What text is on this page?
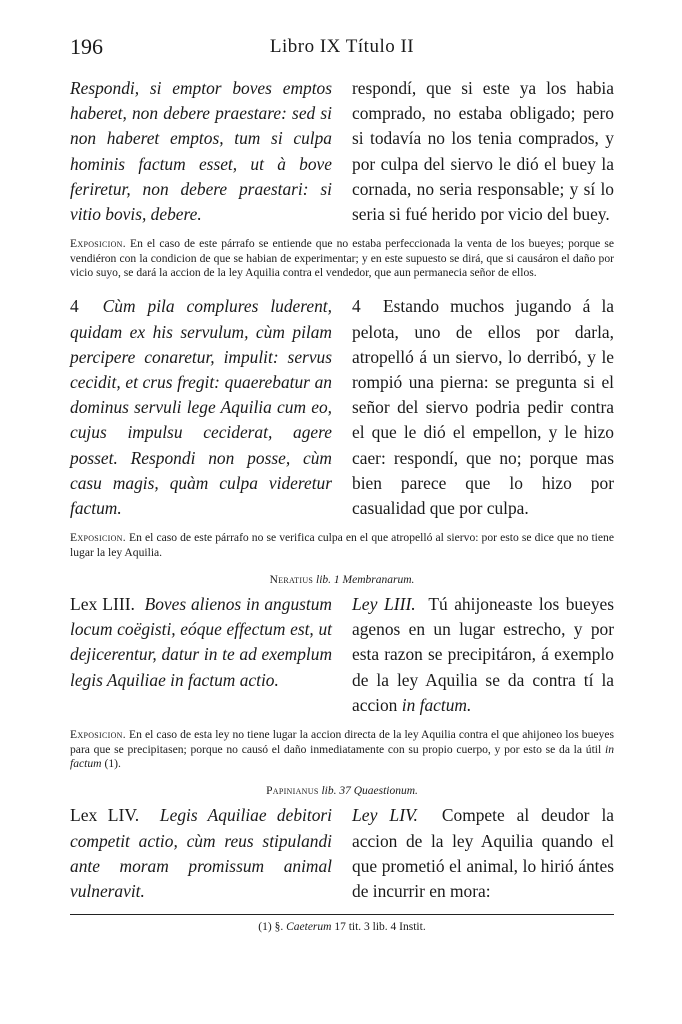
196	Libro IX Título II
Respondi, si emptor boves emptos haberet, non debere praestare: sed si non haberet emptos, tum si culpa hominis factum esset, ut à bove feriretur, non debere praestari: si vitio bovis, debere.
respondí, que si este ya los habia comprado, no estaba obligado; pero si todavía no los tenia comprados, y por culpa del siervo le dió el buey la cornada, no seria responsable; y sí lo seria si fué herido por vicio del buey.
Exposicion. En el caso de este párrafo se entiende que no estaba perfeccionada la venta de los bueyes; porque se vendiéron con la condicion de que se habian de experimentar; y en este supuesto se dirá, que si causáron el daño por vicio suyo, se dará la accion de la ley Aquilia contra el vendedor, que aun permanecia señor de ellos.
4 Cùm pila complures luderent, quidam ex his servulum, cùm pilam percipere conaretur, impulit: servus cecidit, et crus fregit: quaerebatur an dominus servuli lege Aquilia cum eo, cujus impulsu ceciderat, agere posset. Respondi non posse, cùm casu magis, quàm culpa videretur factum.
4 Estando muchos jugando á la pelota, uno de ellos por darla, atropelló á un siervo, lo derribó, y le rompió una pierna: se pregunta si el señor del siervo podria pedir contra el que le dió el empellon, y le hizo caer: respondí, que no; porque mas bien parece que lo hizo por casualidad que por culpa.
Exposicion. En el caso de este párrafo no se verifica culpa en el que atropelló al siervo: por esto se dice que no tiene lugar la ley Aquilia.
Neratius lib. 1 Membranarum.
Lex LIII. Boves alienos in angustum locum coëgisti, eóque effectum est, ut dejicerentur, datur in te ad exemplum legis Aquiliae in factum actio.
Ley LIII. Tú ahijoneaste los bueyes agenos en un lugar estrecho, y por esta razon se precipitáron, á exemplo de la ley Aquilia se da contra tí la accion in factum.
Exposicion. En el caso de esta ley no tiene lugar la accion directa de la ley Aquilia contra el que ahijoneo los bueyes para que se precipitasen; porque no causó el daño inmediatamente con su propio cuerpo, y por esto se da la útil in factum (1).
Papinianus lib. 37 Quaestionum.
Lex LIV. Legis Aquiliae debitori competit actio, cùm reus stipulandi ante moram promissum animal vulneravit.
Ley LIV. Compete al deudor la accion de la ley Aquilia quando el que prometió el animal, lo hirió ántes de incurrir en mora:
(1) §. Caeterum 17 tit. 3 lib. 4 Instit.
